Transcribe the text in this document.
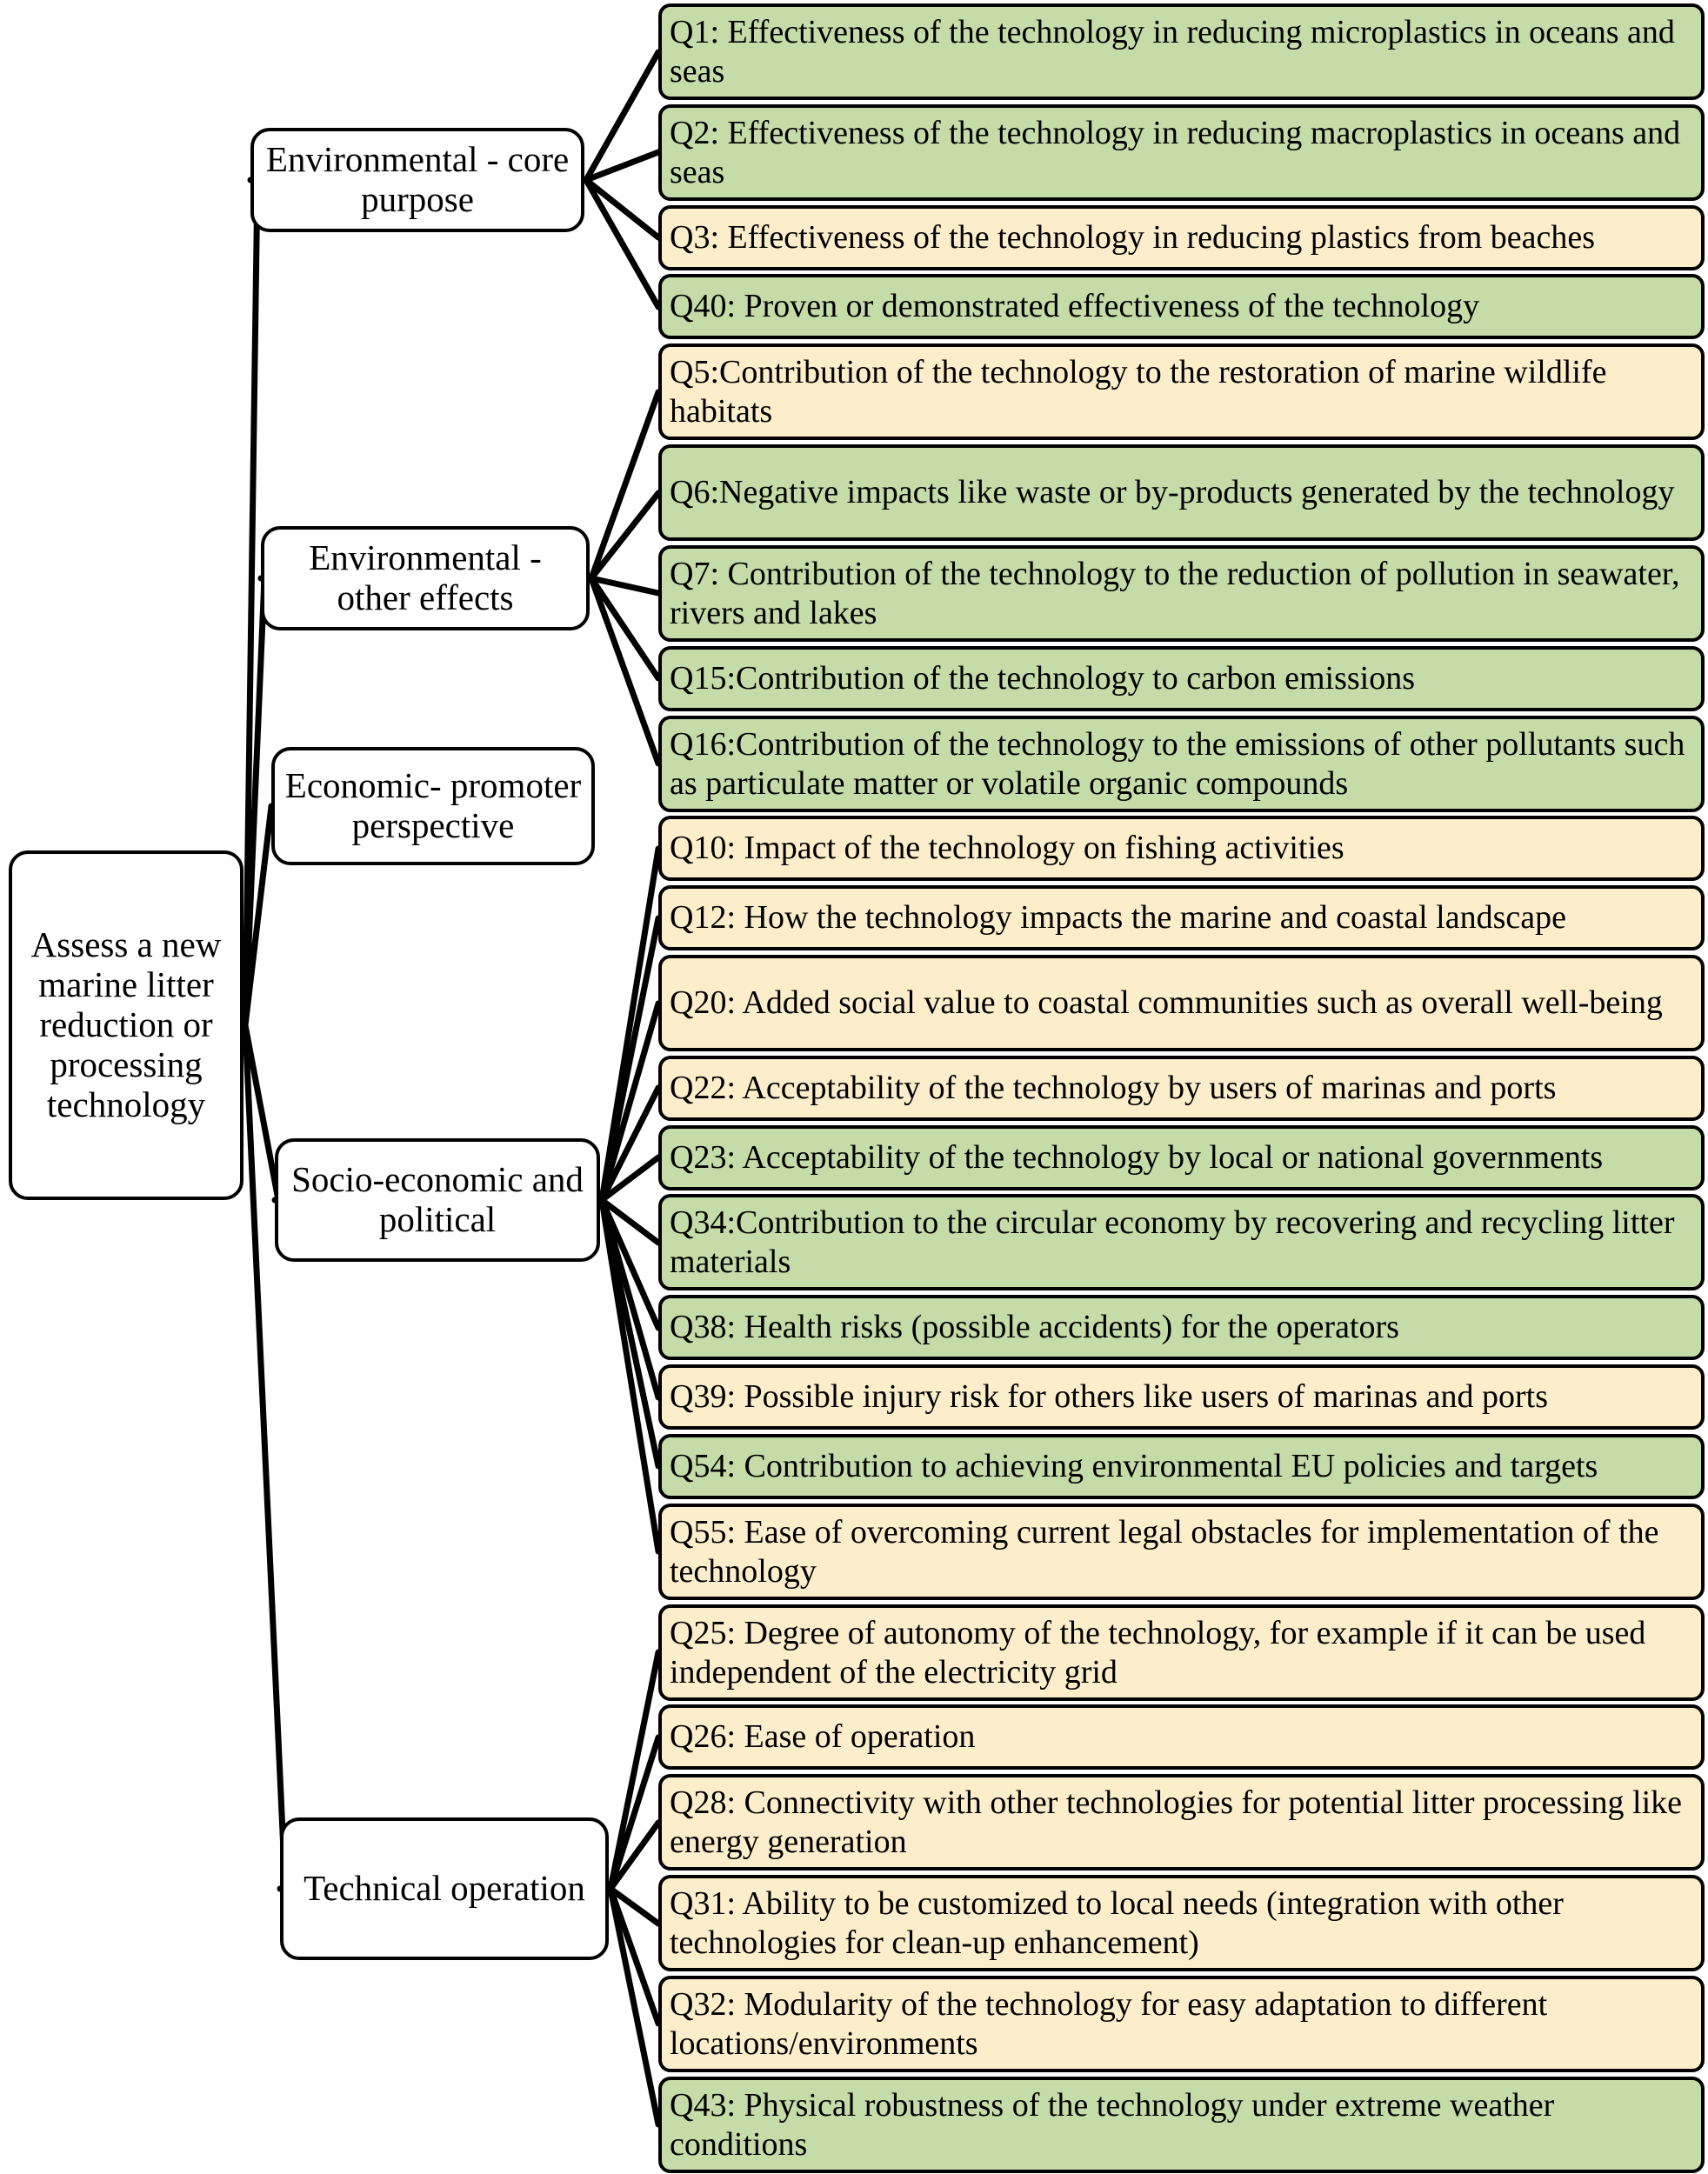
Assess a new marine litter reduction or processing technology
Environmental - core purpose
Environmental - other effects
Economic- promoter perspective
Socio-economic and political
Technical operation
Q1: Effectiveness of the technology in reducing microplastics in oceans and seas
Q2: Effectiveness of the technology in reducing macroplastics in oceans and seas
Q3: Effectiveness of the technology in reducing plastics from beaches
Q40: Proven or demonstrated effectiveness of the technology
Q5:Contribution of the technology to the restoration of marine wildlife habitats
Q6:Negative impacts like waste or by-products generated by the technology
Q7: Contribution of the technology to the reduction of pollution in seawater, rivers and lakes
Q15:Contribution of the technology to carbon emissions
Q16:Contribution of the technology to the emissions of other pollutants such as particulate matter or volatile organic compounds
Q10: Impact of the technology on fishing activities
Q12: How the technology impacts the marine and coastal landscape
Q20: Added social value to coastal communities such as overall well-being
Q22: Acceptability of the technology by users of marinas and ports
Q23: Acceptability of the technology by local or national governments
Q34:Contribution to the circular economy by recovering and recycling litter materials
Q38: Health risks (possible accidents) for the operators
Q39: Possible injury risk for others like users of marinas and ports
Q54: Contribution to achieving environmental EU policies and targets
Q55: Ease of overcoming current legal obstacles for implementation of the technology
Q25: Degree of autonomy of the technology, for example if it can be used independent of the electricity grid
Q26: Ease of operation
Q28: Connectivity with other technologies for potential litter processing like energy generation
Q31: Ability to be customized to local needs (integration with other technologies for clean-up enhancement)
Q32: Modularity of the technology for easy adaptation to different locations/environments
Q43: Physical robustness of the technology under extreme weather conditions
